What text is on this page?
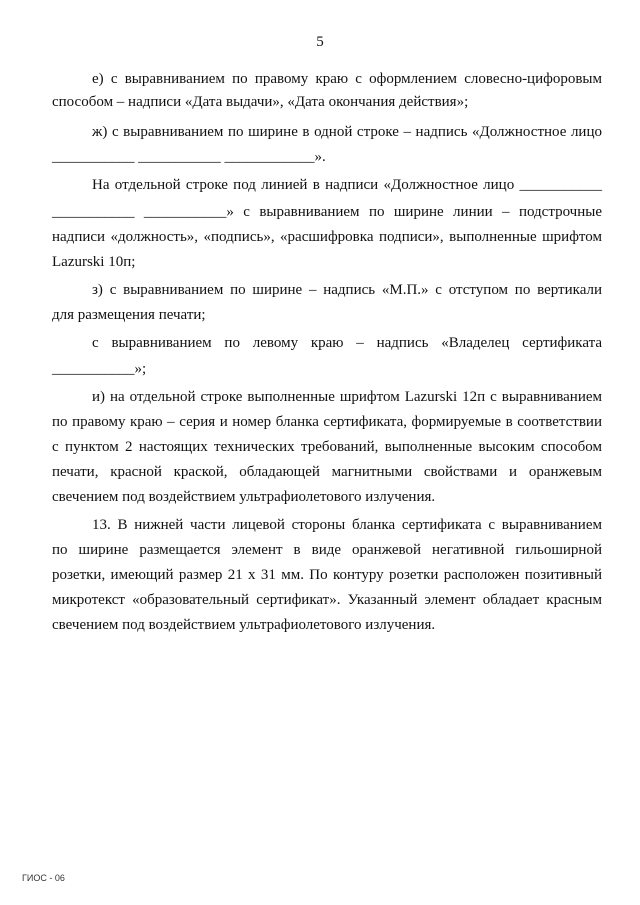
5
е) с выравниванием по правому краю с оформлением словесно-цифоровым
способом – надписи «Дата выдачи», «Дата окончания действия»;
ж) с выравниванием по ширине в одной строке – надпись «Должностное лицо
___________ ___________ ____________».
На отдельной строке под линией в надписи «Должностное лицо ___________
___________ ___________» с выравниванием по ширине линии – подстрочные
надписи «должность», «подпись», «расшифровка подписи», выполненные шрифтом
Lazurski 10п;
з) с выравниванием по ширине – надпись «М.П.» с отступом по вертикали
для размещения печати;
с выравниванием по левому краю – надпись «Владелец сертификата
___________»;
и) на отдельной строке выполненные шрифтом Lazurski 12п с выравниванием
по правому краю – серия и номер бланка сертификата, формируемые в соответствии
с пунктом 2 настоящих технических требований, выполненные высоким способом
печати, красной краской, обладающей магнитными свойствами и оранжевым
свечением под воздействием ультрафиолетового излучения.
13. В нижней части лицевой стороны бланка сертификата с выравниванием
по ширине размещается элемент в виде оранжевой негативной гильоширной
розетки, имеющий размер 21 x 31 мм. По контуру розетки расположен позитивный
микротекст «образовательный сертификат». Указанный элемент обладает красным
свечением под воздействием ультрафиолетового излучения.
ГИОС - 06
